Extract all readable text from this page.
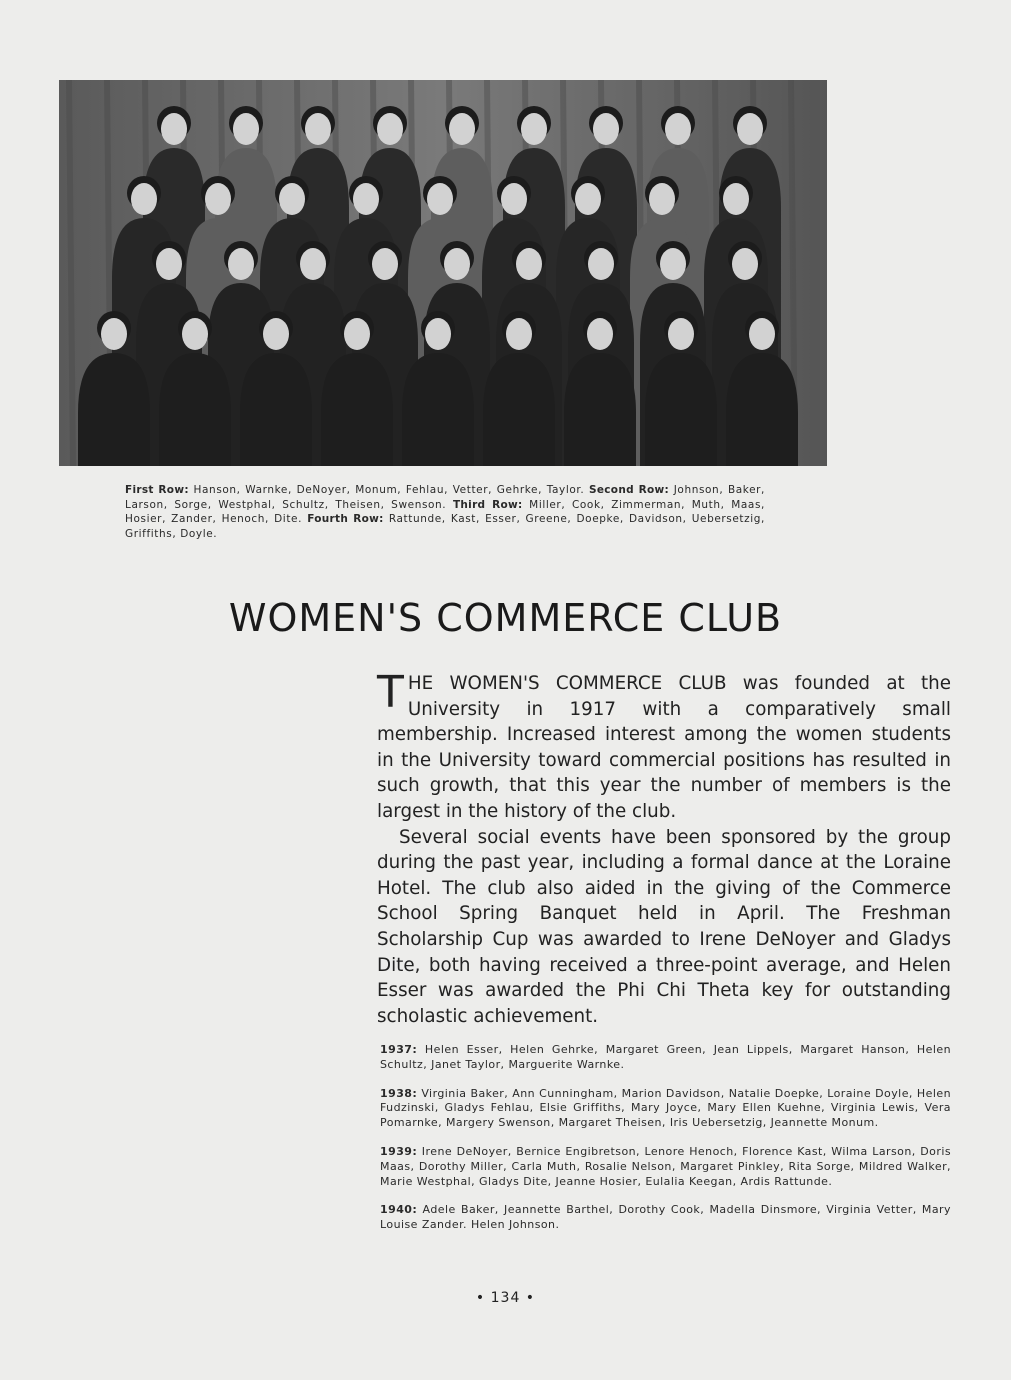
First Row: Hanson, Warnke, DeNoyer, Monum, Fehlau, Vetter, Gehrke, Taylor. Second Row: Johnson, Baker, Larson, Sorge, Westphal, Schultz, Theisen, Swenson. Third Row: Miller, Cook, Zimmerman, Muth, Maas, Hosier, Zander, Henoch, Dite. Fourth Row: Rattunde, Kast, Esser, Greene, Doepke, Davidson, Uebersetzig, Griffiths, Doyle.
WOMEN'S COMMERCE CLUB

THE WOMEN'S COMMERCE CLUB was founded at the University in 1917 with a comparatively small membership. Increased interest among the women students in the University toward commercial positions has resulted in such growth, that this year the number of members is the largest in the history of the club.

Several social events have been sponsored by the group during the past year, including a formal dance at the Loraine Hotel. The club also aided in the giving of the Commerce School Spring Banquet held in April. The Freshman Scholarship Cup was awarded to Irene DeNoyer and Gladys Dite, both having received a three-point average, and Helen Esser was awarded the Phi Chi Theta key for outstanding scholastic achievement.

1937: Helen Esser, Helen Gehrke, Margaret Green, Jean Lippels, Margaret Hanson, Helen Schultz, Janet Taylor, Marguerite Warnke.

1938: Virginia Baker, Ann Cunningham, Marion Davidson, Natalie Doepke, Loraine Doyle, Helen Fudzinski, Gladys Fehlau, Elsie Griffiths, Mary Joyce, Mary Ellen Kuehne, Virginia Lewis, Vera Pomarnke, Margery Swenson, Margaret Theisen, Iris Uebersetzig, Jeannette Monum.

1939: Irene DeNoyer, Bernice Engibretson, Lenore Henoch, Florence Kast, Wilma Larson, Doris Maas, Dorothy Miller, Carla Muth, Rosalie Nelson, Margaret Pinkley, Rita Sorge, Mildred Walker, Marie Westphal, Gladys Dite, Jeanne Hosier, Eulalia Keegan, Ardis Rattunde.

1940: Adele Baker, Jeannette Barthel, Dorothy Cook, Madella Dinsmore, Virginia Vetter, Mary Louise Zander. Helen Johnson.

• 134 •
